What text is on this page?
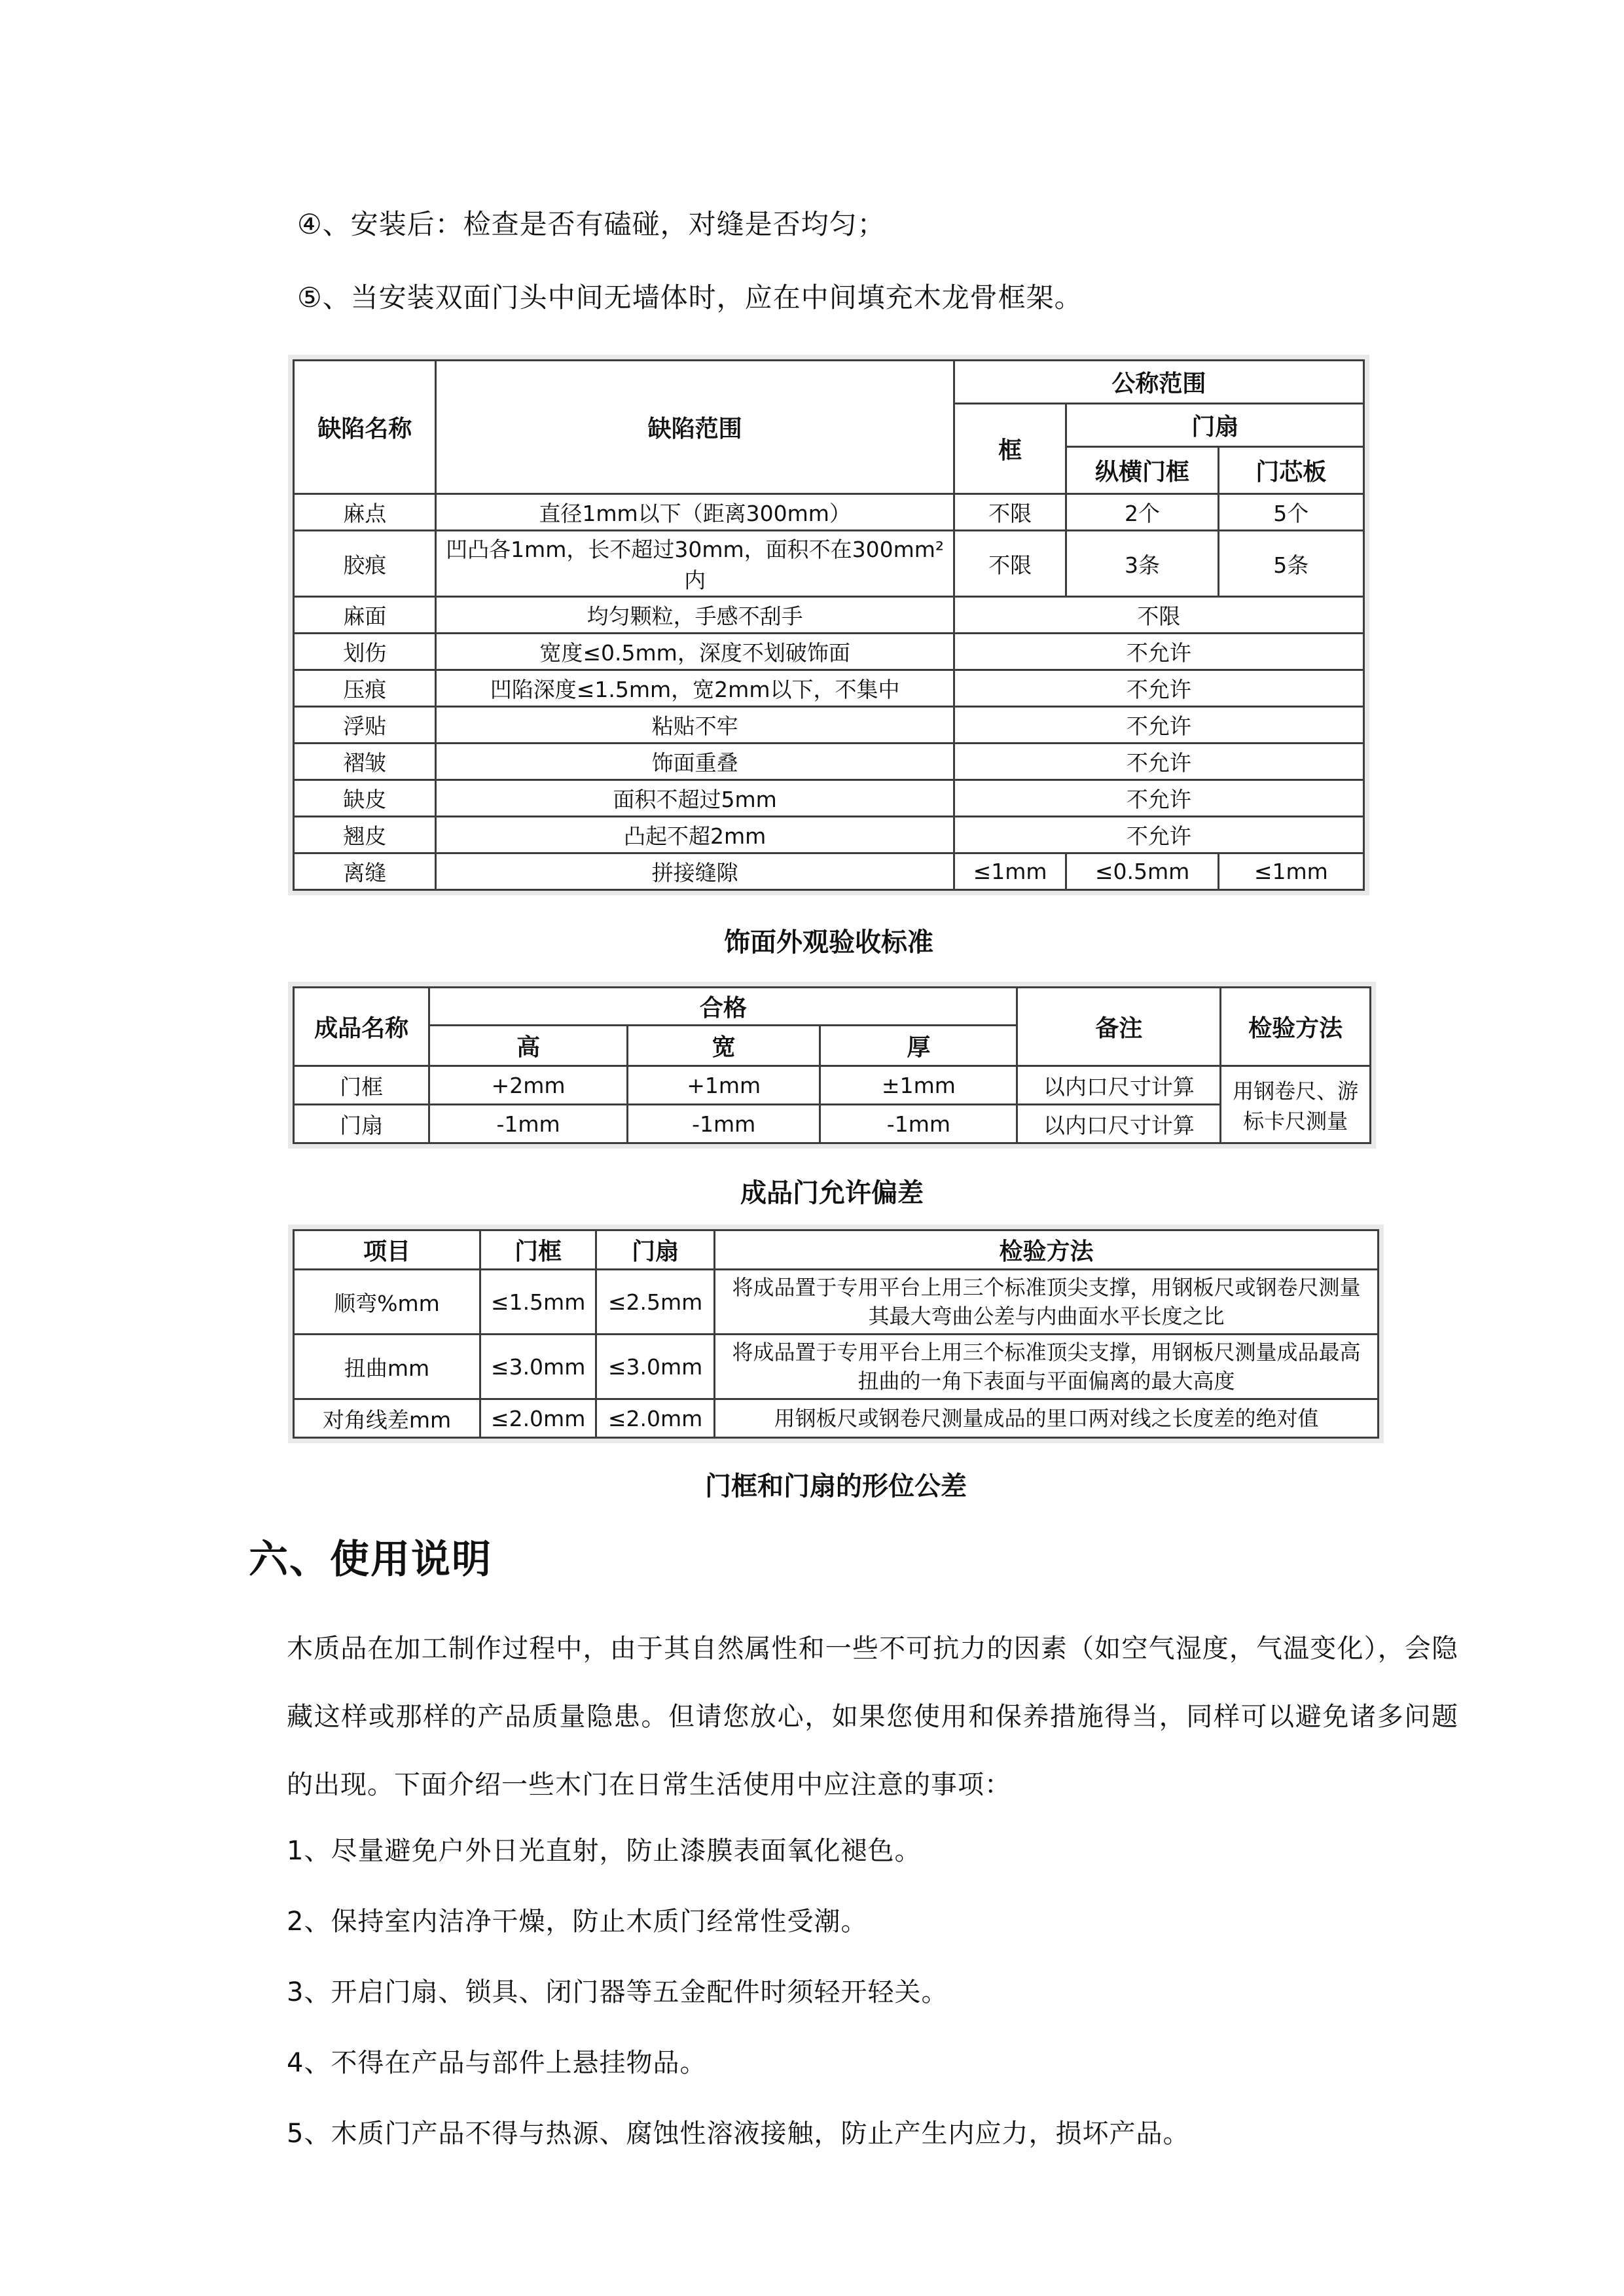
④、安装后：检查是否有磕碰，对缝是否均匀；

⑤、当安装双面门头中间无墙体时，应在中间填充木龙骨框架。

缺陷名称	缺陷范围	公称范围		
		框	门扇	
			纵横门框	门芯板
麻点	直径1mm以下（距离300mm）	不限	2个	5个
胶痕	凹凸各1mm，长不超过30mm，面积不在300mm²内	不限	3条	5条
麻面	均匀颗粒，手感不刮手	不限		
划伤	宽度≤0.5mm，深度不划破饰面	不允许		
压痕	凹陷深度≤1.5mm，宽2mm以下，不集中	不允许		
浮贴	粘贴不牢	不允许		
褶皱	饰面重叠	不允许		
缺皮	面积不超过5mm	不允许		
翘皮	凸起不超2mm	不允许		
离缝	拼接缝隙	≤1mm	≤0.5mm	≤1mm
饰面外观验收标准
成品名称	合格			备注	检验方法
	高	宽	厚		
门框	+2mm	+1mm	±1mm	以内口尺寸计算	用钢卷尺、游标卡尺测量
门扇	-1mm	-1mm	-1mm	以内口尺寸计算	
成品门允许偏差
项目	门框	门扇	检验方法
顺弯%mm	≤1.5mm	≤2.5mm	将成品置于专用平台上用三个标准顶尖支撑，用钢板尺或钢卷尺测量其最大弯曲公差与内曲面水平长度之比
扭曲mm	≤3.0mm	≤3.0mm	将成品置于专用平台上用三个标准顶尖支撑，用钢板尺测量成品最高扭曲的一角下表面与平面偏离的最大高度
对角线差mm	≤2.0mm	≤2.0mm	用钢板尺或钢卷尺测量成品的里口两对线之长度差的绝对值
门框和门扇的形位公差
六、使用说明

木质品在加工制作过程中，由于其自然属性和一些不可抗力的因素（如空气湿度，气温变化），会隐藏这样或那样的产品质量隐患。但请您放心，如果您使用和保养措施得当，同样可以避免诸多问题的出现。下面介绍一些木门在日常生活使用中应注意的事项：

1、尽量避免户外日光直射，防止漆膜表面氧化褪色。
2、保持室内洁净干燥，防止木质门经常性受潮。
3、开启门扇、锁具、闭门器等五金配件时须轻开轻关。
4、不得在产品与部件上悬挂物品。
5、木质门产品不得与热源、腐蚀性溶液接触，防止产生内应力，损坏产品。
